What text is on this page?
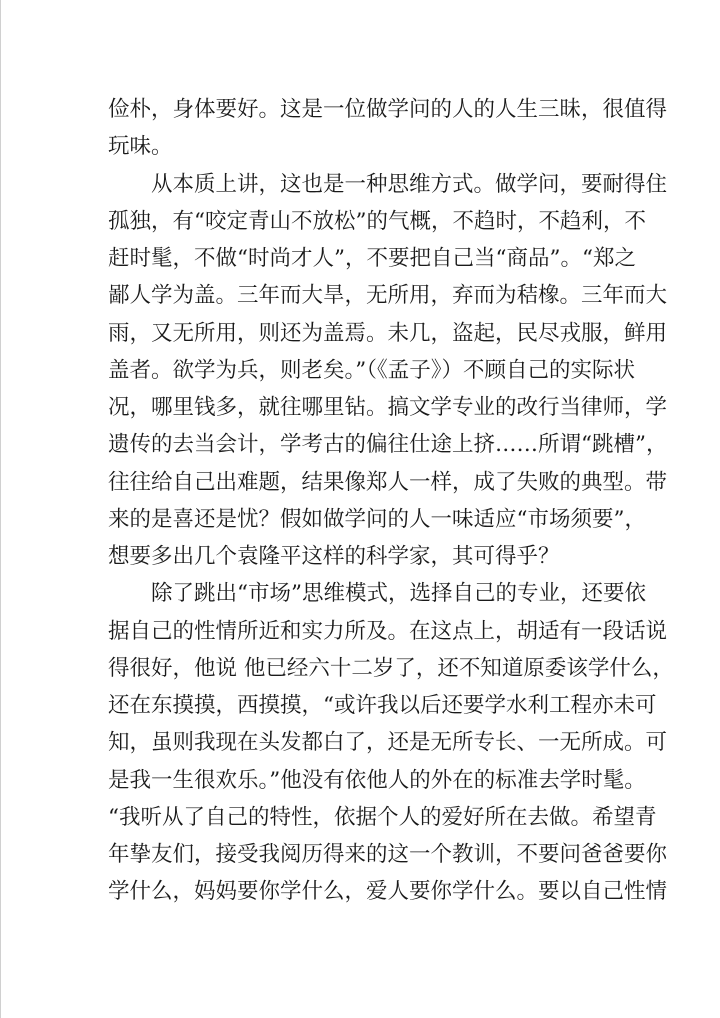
俭朴，身体要好。这是一位做学问的人的人生三昧，很值得
玩味。
从本质上讲，这也是一种思维方式。做学问，要耐得住
孤独，有“咬定青山不放松”的气概，不趋时，不趋利，不
赶时髦，不做“时尚才人”，不要把自己当“商品”。“郑之
鄙人学为盖。三年而大旱，无所用，弃而为秸橡。三年而大
雨，又无所用，则还为盖焉。未几，盗起，民尽戎服，鲜用
盖者。欲学为兵，则老矣。”（《孟子》）不顾自己的实际状
况，哪里钱多，就往哪里钻。搞文学专业的改行当律师，学
遗传的去当会计，学考古的偏往仕途上挤……所谓“跳槽”，
往往给自己出难题，结果像郑人一样，成了失败的典型。带
来的是喜还是忧？假如做学问的人一味适应“市场须要”，
想要多出几个袁隆平这样的科学家，其可得乎？
除了跳出“市场”思维模式，选择自己的专业，还要依
据自己的性情所近和实力所及。在这点上，胡适有一段话说
得很好，他说 他已经六十二岁了，还不知道原委该学什么，
还在东摸摸，西摸摸，“或许我以后还要学水利工程亦未可
知，虽则我现在头发都白了，还是无所专长、一无所成。可
是我一生很欢乐。”他没有依他人的外在的标准去学时髦。
“我听从了自己的特性，依据个人的爱好所在去做。希望青
年挚友们，接受我阅历得来的这一个教训，不要问爸爸要你
学什么，妈妈要你学什么，爱人要你学什么。要以自己性情
